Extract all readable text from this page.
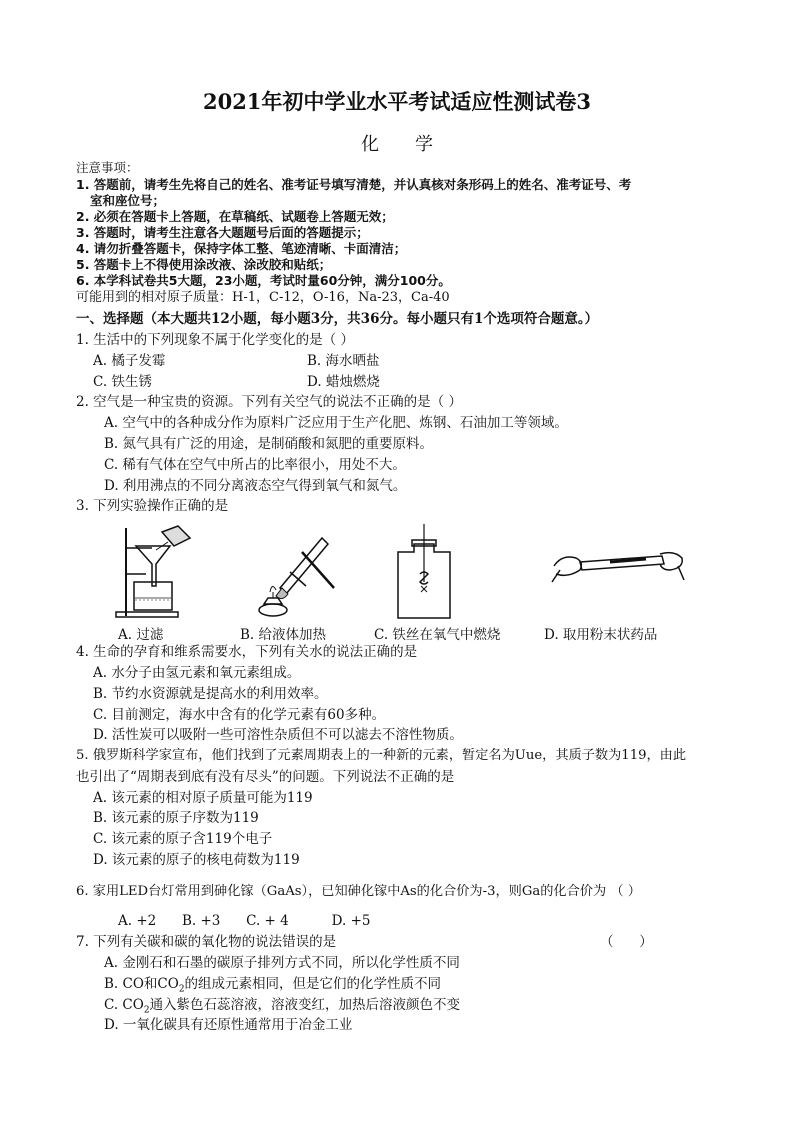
2021年初中学业水平考试适应性测试卷3
化学
注意事项：
1. 答题前，请考生先将自己的姓名、准考证号填写清楚，并认真核对条形码上的姓名、准考证号、考
室和座位号；
2. 必须在答题卡上答题，在草稿纸、试题卷上答题无效；
3. 答题时，请考生注意各大题题号后面的答题提示；
4. 请勿折叠答题卡，保持字体工整、笔迹清晰、卡面清洁；
5. 答题卡上不得使用涂改液、涂改胶和贴纸；
6. 本学科试卷共5大题，23小题，考试时量60分钟，满分100分。
可能用到的相对原子质量：H-1，C-12，O-16，Na-23，Ca-40
一、选择题（本大题共12小题，每小题3分，共36分。每小题只有1个选项符合题意。）
1. 生活中的下列现象不属于化学变化的是（ ）
A. 橘子发霉	B. 海水晒盐
C. 铁生锈	D. 蜡烛燃烧
2. 空气是一种宝贵的资源。下列有关空气的说法不正确的是（ ）
A. 空气中的各种成分作为原料广泛应用于生产化肥、炼钢、石油加工等领域。
B. 氮气具有广泛的用途，是制硝酸和氮肥的重要原料。
C. 稀有气体在空气中所占的比率很小，用处不大。
D. 利用沸点的不同分离液态空气得到氧气和氮气。
3. 下列实验操作正确的是
A. 过滤	B. 给液体加热	C. 铁丝在氧气中燃烧	D. 取用粉末状药品
4. 生命的孕育和维系需要水，下列有关水的说法正确的是
A. 水分子由氢元素和氧元素组成。
B. 节约水资源就是提高水的利用效率。
C. 目前测定，海水中含有的化学元素有60多种。
D. 活性炭可以吸附一些可溶性杂质但不可以滤去不溶性物质。
5. 俄罗斯科学家宣布，他们找到了元素周期表上的一种新的元素，暂定名为Uue，其质子数为119，由此
也引出了“周期表到底有没有尽头”的问题。下列说法不正确的是
A. 该元素的相对原子质量可能为119
B. 该元素的原子序数为119
C. 该元素的原子含119个电子
D. 该元素的原子的核电荷数为119
6. 家用LED台灯常用到砷化镓（GaAs），已知砷化镓中As的化合价为-3，则Ga的化合价为 （ ）
A. +2      B. +3      C. + 4          D. +5
7. 下列有关碳和碳的氧化物的说法错误的是	（      ）
A. 金刚石和石墨的碳原子排列方式不同，所以化学性质不同
B. CO和$CO_2$的组成元素相同，但是它们的化学性质不同
C. $CO_2$通入紫色石蕊溶液，溶液变红，加热后溶液颜色不变
D. 一氧化碳具有还原性通常用于冶金工业
